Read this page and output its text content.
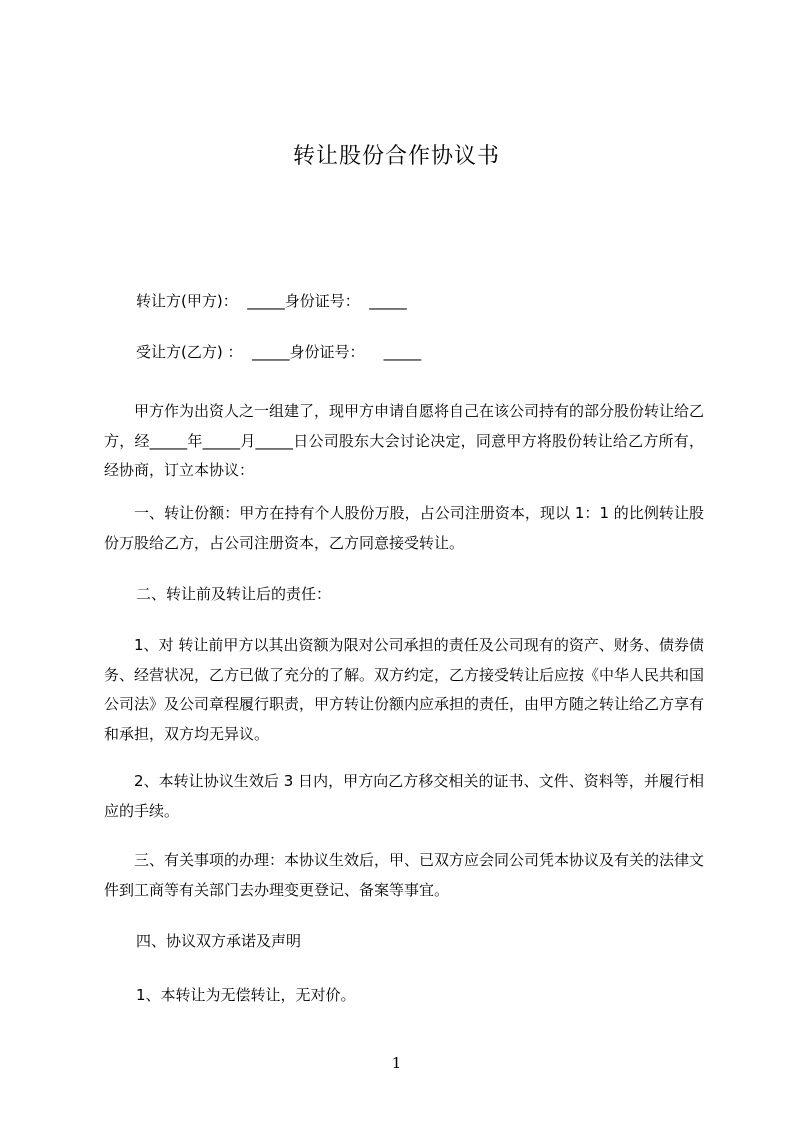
转让股份合作协议书
转让方(甲方)：  _____身份证号：  _____
受让方(乙方) ：  _____身份证号：    _____
甲方作为出资人之一组建了，现甲方申请自愿将自己在该公司持有的部分股份转让给乙方，经_____年_____月_____日公司股东大会讨论决定，同意甲方将股份转让给乙方所有，经协商，订立本协议：
一、转让份额：甲方在持有个人股份万股，占公司注册资本，现以 1：1 的比例转让股份万股给乙方，占公司注册资本，乙方同意接受转让。
二、转让前及转让后的责任：
1、对 转让前甲方以其出资额为限对公司承担的责任及公司现有的资产、财务、债券债务、经营状况，乙方已做了充分的了解。双方约定，乙方接受转让后应按《中华人民共和国公司法》及公司章程履行职责，甲方转让份额内应承担的责任，由甲方随之转让给乙方享有和承担，双方均无异议。
2、本转让协议生效后 3 日内，甲方向乙方移交相关的证书、文件、资料等，并履行相应的手续。
三、有关事项的办理：本协议生效后，甲、已双方应会同公司凭本协议及有关的法律文件到工商等有关部门去办理变更登记、备案等事宜。
四、协议双方承诺及声明
1、本转让为无偿转让，无对价。
1
